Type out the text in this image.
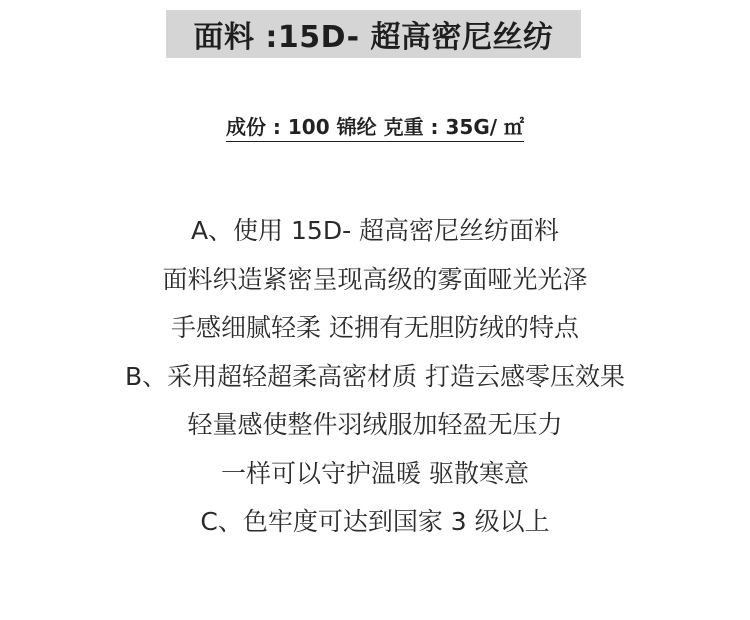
面料 :15D- 超高密尼丝纺
成份 : 100 锦纶 克重 : 35G/ ㎡
A、使用 15D- 超高密尼丝纺面料
面料织造紧密呈现高级的雾面哑光光泽
手感细腻轻柔 还拥有无胆防绒的特点
B、采用超轻超柔高密材质 打造云感零压效果
轻量感使整件羽绒服加轻盈无压力
一样可以守护温暖 驱散寒意
C、色牢度可达到国家 3 级以上
